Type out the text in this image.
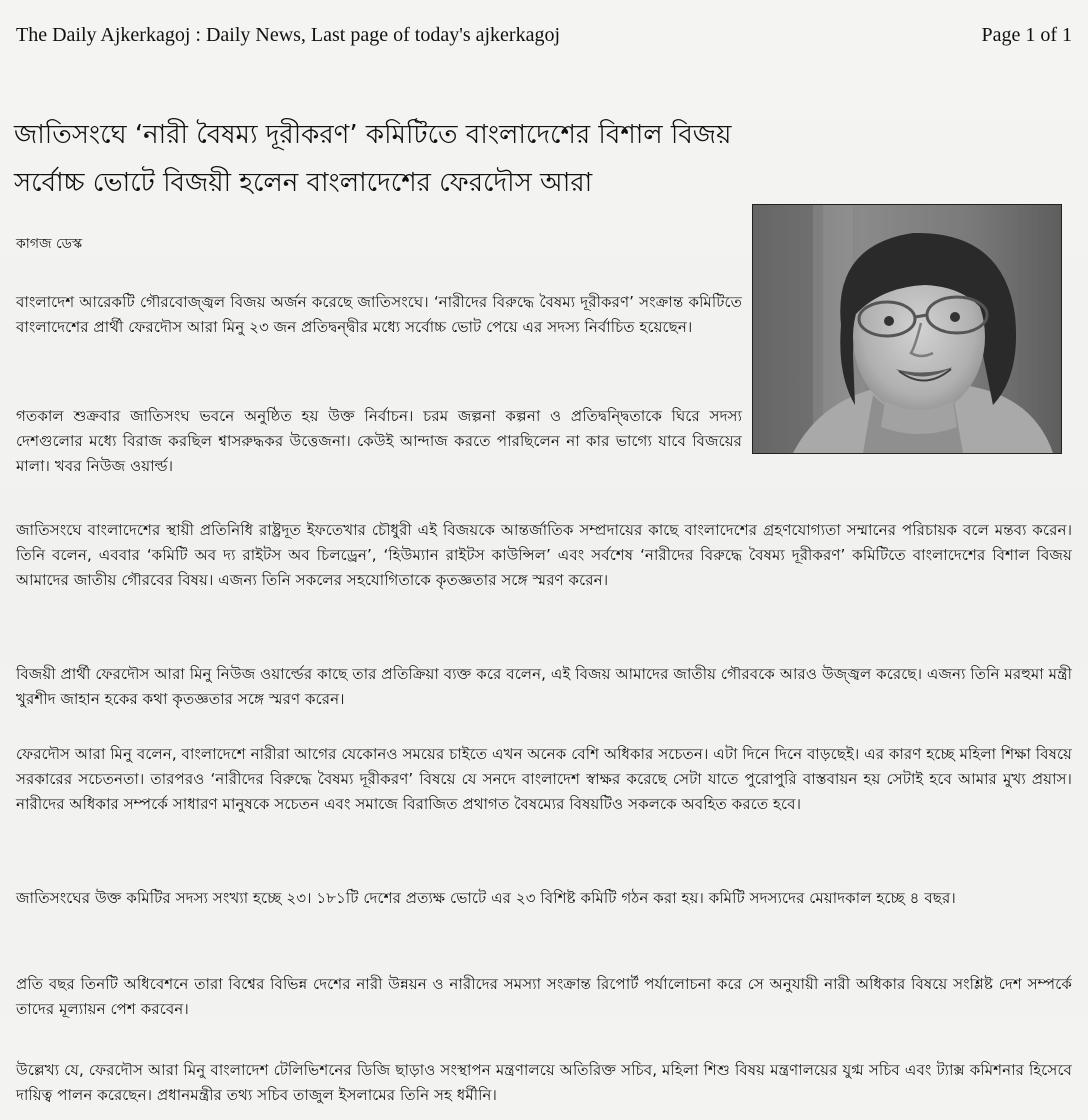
The Daily Ajkerkagoj : Daily News, Last page of today's ajkerkagoj	Page 1 of 1
জাতিসংঘে ‘নারী বৈষম্য দূরীকরণ’ কমিটিতে বাংলাদেশের বিশাল বিজয়
সর্বোচ্চ ভোটে বিজয়ী হলেন বাংলাদেশের ফেরদৌস আরা
কাগজ ডেস্ক

বাংলাদেশ আরেকটি গৌরবোজ্জ্বল বিজয় অর্জন করেছে জাতিসংঘে। ‘নারীদের বিরুদ্ধে বৈষম্য দূরীকরণ’ সংক্রান্ত কমিটিতে বাংলাদেশের প্রার্থী ফেরদৌস আরা মিনু ২৩ জন প্রতিদ্বন্দ্বীর মধ্যে সর্বোচ্চ ভোট পেয়ে এর সদস্য নির্বাচিত হয়েছেন।

গতকাল শুক্রবার জাতিসংঘ ভবনে অনুষ্ঠিত হয় উক্ত নির্বাচন। চরম জল্পনা কল্পনা ও প্রতিদ্বন্দ্বিতাকে ঘিরে সদস্য দেশগুলোর মধ্যে বিরাজ করছিল শ্বাসরুদ্ধকর উত্তেজনা। কেউই আন্দাজ করতে পারছিলেন না কার ভাগ্যে যাবে বিজয়ের মালা। খবর নিউজ ওয়ার্ল্ড।

জাতিসংঘে বাংলাদেশের স্থায়ী প্রতিনিধি রাষ্ট্রদূত ইফতেখার চৌধুরী এই বিজয়কে আন্তর্জাতিক সম্প্রদায়ের কাছে বাংলাদেশের গ্রহণযোগ্যতা সম্মানের পরিচায়ক বলে মন্তব্য করেন। তিনি বলেন, এববার ‘কমিটি অব দ্য রাইটস অব চিলড্রেন’, ‘হিউম্যান রাইটস কাউন্সিল’ এবং সর্বশেষ ‘নারীদের বিরুদ্ধে বৈষম্য দূরীকরণ’ কমিটিতে বাংলাদেশের বিশাল বিজয় আমাদের জাতীয় গৌরবের বিষয়। এজন্য তিনি সকলের সহযোগিতাকে কৃতজ্ঞতার সঙ্গে স্মরণ করেন।

বিজয়ী প্রার্থী ফেরদৌস আরা মিনু নিউজ ওয়ার্ল্ডের কাছে তার প্রতিক্রিয়া ব্যক্ত করে বলেন, এই বিজয় আমাদের জাতীয় গৌরবকে আরও উজ্জ্বল করেছে। এজন্য তিনি মরহুমা মন্ত্রী খুরশীদ জাহান হকের কথা কৃতজ্ঞতার সঙ্গে স্মরণ করেন।

ফেরদৌস আরা মিনু বলেন, বাংলাদেশে নারীরা আগের যেকোনও সময়ের চাইতে এখন অনেক বেশি অধিকার সচেতন। এটা দিনে দিনে বাড়ছেই। এর কারণ হচ্ছে মহিলা শিক্ষা বিষয়ে সরকারের সচেতনতা। তারপরও ‘নারীদের বিরুদ্ধে বৈষম্য দূরীকরণ’ বিষয়ে যে সনদে বাংলাদেশ স্বাক্ষর করেছে সেটা যাতে পুরোপুরি বাস্তবায়ন হয় সেটাই হবে আমার মুখ্য প্রয়াস। নারীদের অধিকার সম্পর্কে সাধারণ মানুষকে সচেতন এবং সমাজে বিরাজিত প্রথাগত বৈষম্যের বিষয়টিও সকলকে অবহিত করতে হবে।

জাতিসংঘের উক্ত কমিটির সদস্য সংখ্যা হচ্ছে ২৩। ১৮১টি দেশের প্রত্যক্ষ ভোটে এর ২৩ বিশিষ্ট কমিটি গঠন করা হয়। কমিটি সদস্যদের মেয়াদকাল হচ্ছে ৪ বছর।

প্রতি বছর তিনটি অধিবেশনে তারা বিশ্বের বিভিন্ন দেশের নারী উন্নয়ন ও নারীদের সমস্যা সংক্রান্ত রিপোর্ট পর্যালোচনা করে সে অনুযায়ী নারী অধিকার বিষয়ে সংশ্লিষ্ট দেশ সম্পর্কে তাদের মূল্যায়ন পেশ করবেন।

উল্লেখ্য যে, ফেরদৌস আরা মিনু বাংলাদেশ টেলিভিশনের ডিজি ছাড়াও সংস্থাপন মন্ত্রণালয়ে অতিরিক্ত সচিব, মহিলা শিশু বিষয় মন্ত্রণালয়ের যুগ্ম সচিব এবং ট্যাক্স কমিশনার হিসেবে দায়িত্ব পালন করেছেন। প্রধানমন্ত্রীর তথ্য সচিব তাজুল ইসলামের তিনি সহ ধর্মীনি।
